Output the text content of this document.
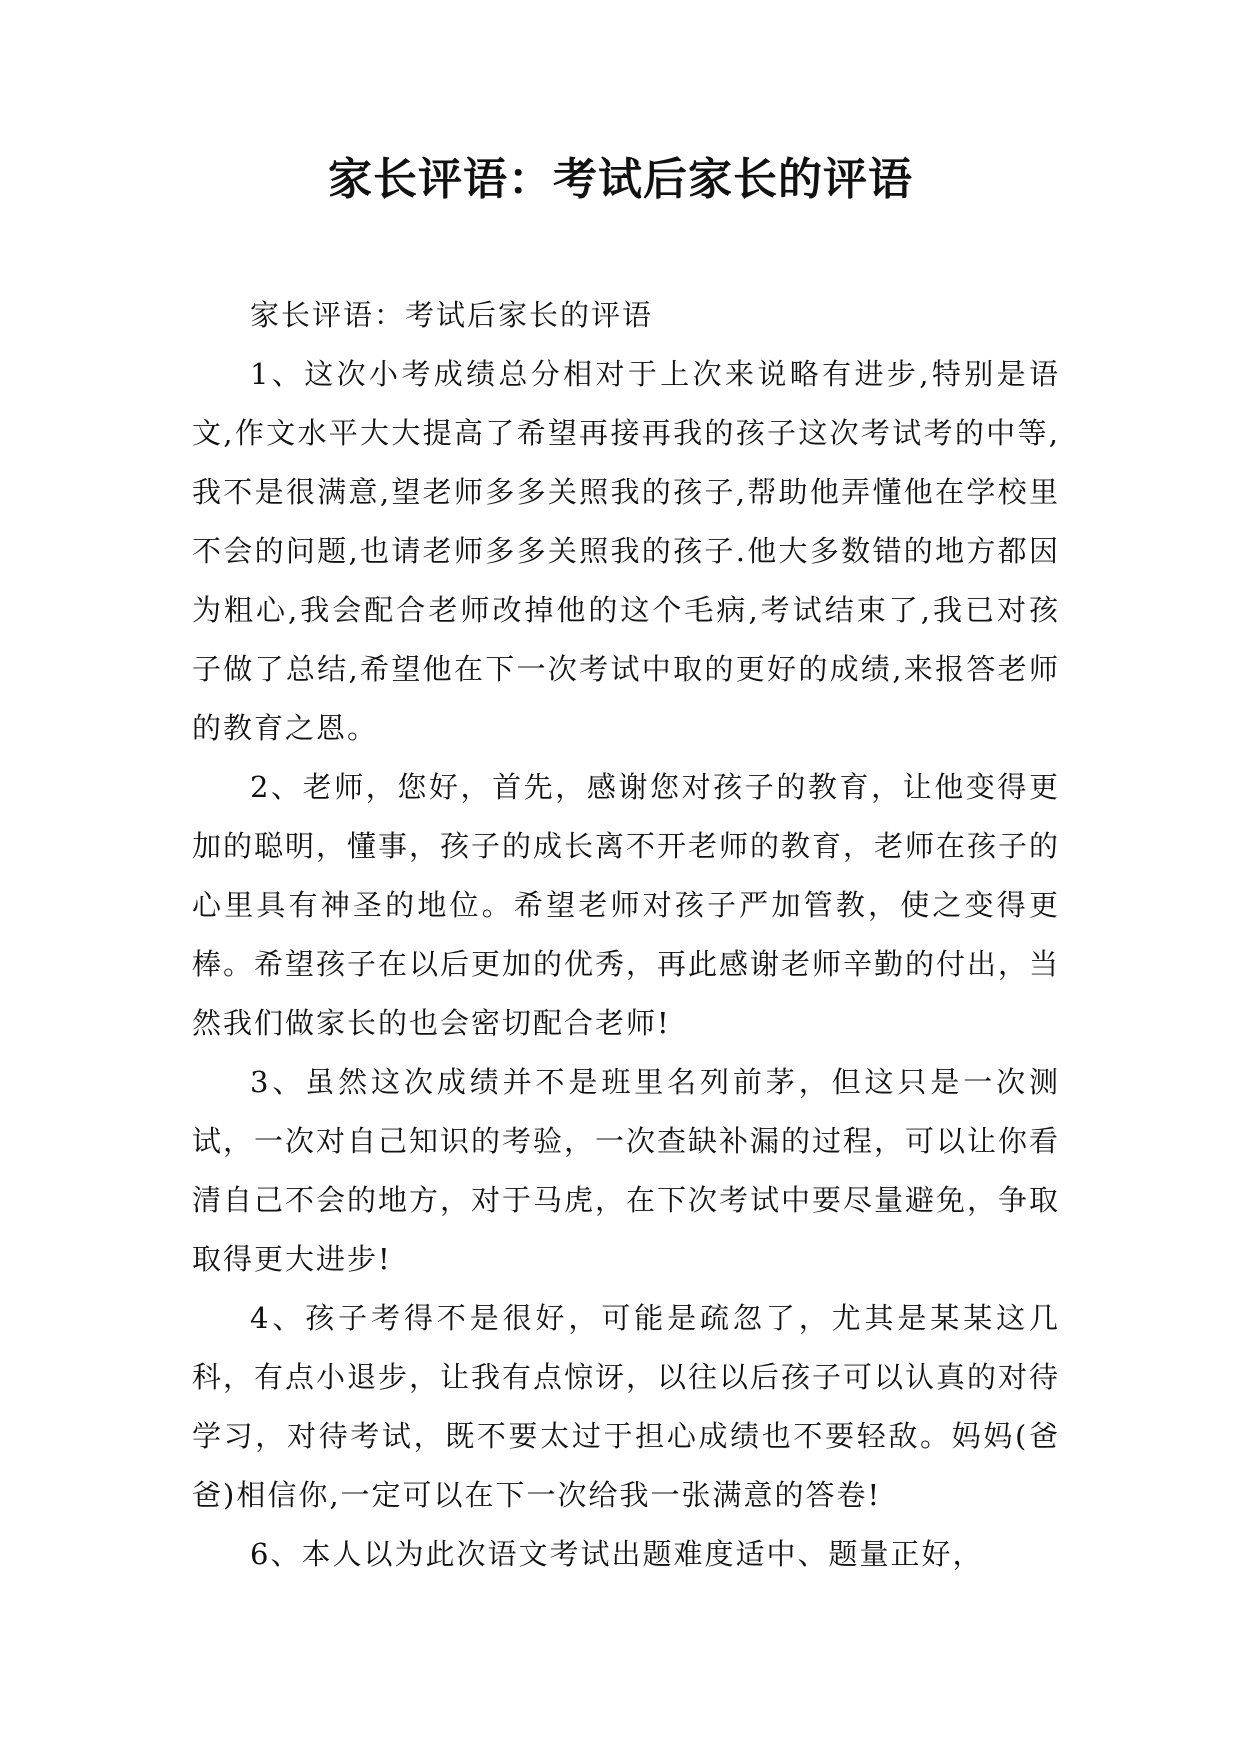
家长评语：考试后家长的评语

家长评语：考试后家长的评语

1、这次小考成绩总分相对于上次来说略有进步,特别是语文,作文水平大大提高了希望再接再我的孩子这次考试考的中等,我不是很满意,望老师多多关照我的孩子,帮助他弄懂他在学校里不会的问题,也请老师多多关照我的孩子.他大多数错的地方都因为粗心,我会配合老师改掉他的这个毛病,考试结束了,我已对孩子做了总结,希望他在下一次考试中取的更好的成绩,来报答老师的教育之恩。

2、老师，您好，首先，感谢您对孩子的教育，让他变得更加的聪明，懂事，孩子的成长离不开老师的教育，老师在孩子的心里具有神圣的地位。希望老师对孩子严加管教，使之变得更棒。希望孩子在以后更加的优秀，再此感谢老师辛勤的付出，当然我们做家长的也会密切配合老师!

3、虽然这次成绩并不是班里名列前茅，但这只是一次测试，一次对自己知识的考验，一次查缺补漏的过程，可以让你看清自己不会的地方，对于马虎，在下次考试中要尽量避免，争取取得更大进步!

4、孩子考得不是很好，可能是疏忽了，尤其是某某这几科，有点小退步，让我有点惊讶，以往以后孩子可以认真的对待学习，对待考试，既不要太过于担心成绩也不要轻敌。妈妈(爸爸)相信你,一定可以在下一次给我一张满意的答卷!

6、本人以为此次语文考试出题难度适中、题量正好，
